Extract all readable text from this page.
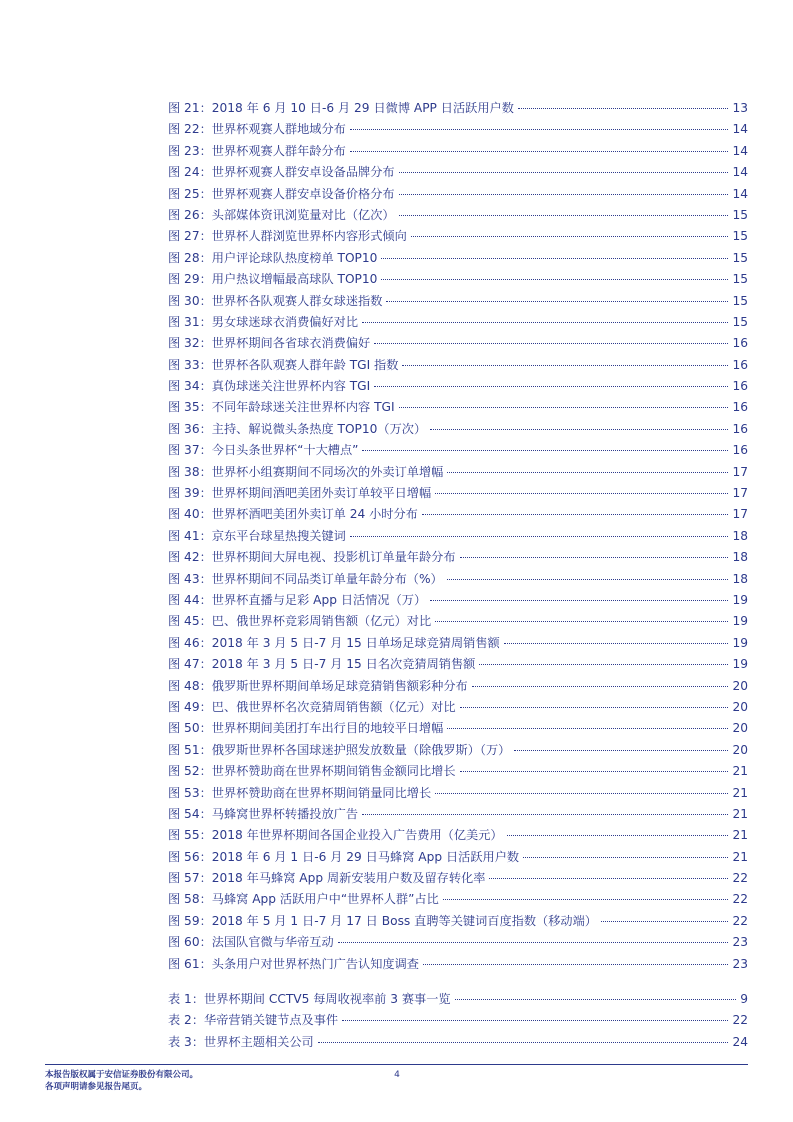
图 21：2018 年 6 月 10 日-6 月 29 日微博 APP 日活跃用户数	13
图 22：世界杯观赛人群地域分布	14
图 23：世界杯观赛人群年龄分布	14
图 24：世界杯观赛人群安卓设备品牌分布	14
图 25：世界杯观赛人群安卓设备价格分布	14
图 26：头部媒体资讯浏览量对比（亿次）	15
图 27：世界杯人群浏览世界杯内容形式倾向	15
图 28：用户评论球队热度榜单 TOP10	15
图 29：用户热议增幅最高球队 TOP10	15
图 30：世界杯各队观赛人群女球迷指数	15
图 31：男女球迷球衣消费偏好对比	15
图 32：世界杯期间各省球衣消费偏好	16
图 33：世界杯各队观赛人群年龄 TGI 指数	16
图 34：真伪球迷关注世界杯内容 TGI	16
图 35：不同年龄球迷关注世界杯内容 TGI	16
图 36：主持、解说微头条热度 TOP10（万次）	16
图 37：今日头条世界杯“十大槽点”	16
图 38：世界杯小组赛期间不同场次的外卖订单增幅	17
图 39：世界杯期间酒吧美团外卖订单较平日增幅	17
图 40：世界杯酒吧美团外卖订单 24 小时分布	17
图 41：京东平台球星热搜关键词	18
图 42：世界杯期间大屏电视、投影机订单量年龄分布	18
图 43：世界杯期间不同品类订单量年龄分布（%）	18
图 44：世界杯直播与足彩 App 日活情况（万）	19
图 45：巴、俄世界杯竞彩周销售额（亿元）对比	19
图 46：2018 年 3 月 5 日-7 月 15 日单场足球竞猜周销售额	19
图 47：2018 年 3 月 5 日-7 月 15 日名次竞猜周销售额	19
图 48：俄罗斯世界杯期间单场足球竞猜销售额彩种分布	20
图 49：巴、俄世界杯名次竞猜周销售额（亿元）对比	20
图 50：世界杯期间美团打车出行目的地较平日增幅	20
图 51：俄罗斯世界杯各国球迷护照发放数量（除俄罗斯）（万）	20
图 52：世界杯赞助商在世界杯期间销售金额同比增长	21
图 53：世界杯赞助商在世界杯期间销量同比增长	21
图 54：马蜂窝世界杯转播投放广告	21
图 55：2018 年世界杯期间各国企业投入广告费用（亿美元）	21
图 56：2018 年 6 月 1 日-6 月 29 日马蜂窝 App 日活跃用户数	21
图 57：2018 年马蜂窝 App 周新安装用户数及留存转化率	22
图 58：马蜂窝 App 活跃用户中“世界杯人群”占比	22
图 59：2018 年 5 月 1 日-7 月 17 日 Boss 直聘等关键词百度指数（移动端）	22
图 60：法国队官微与华帝互动	23
图 61：头条用户对世界杯热门广告认知度调查	23
表 1：世界杯期间 CCTV5 每周收视率前 3 赛事一览	9
表 2：华帝营销关键节点及事件	22
表 3：世界杯主题相关公司	24
本报告版权属于安信证券股份有限公司。
各项声明请参见报告尾页。
4
